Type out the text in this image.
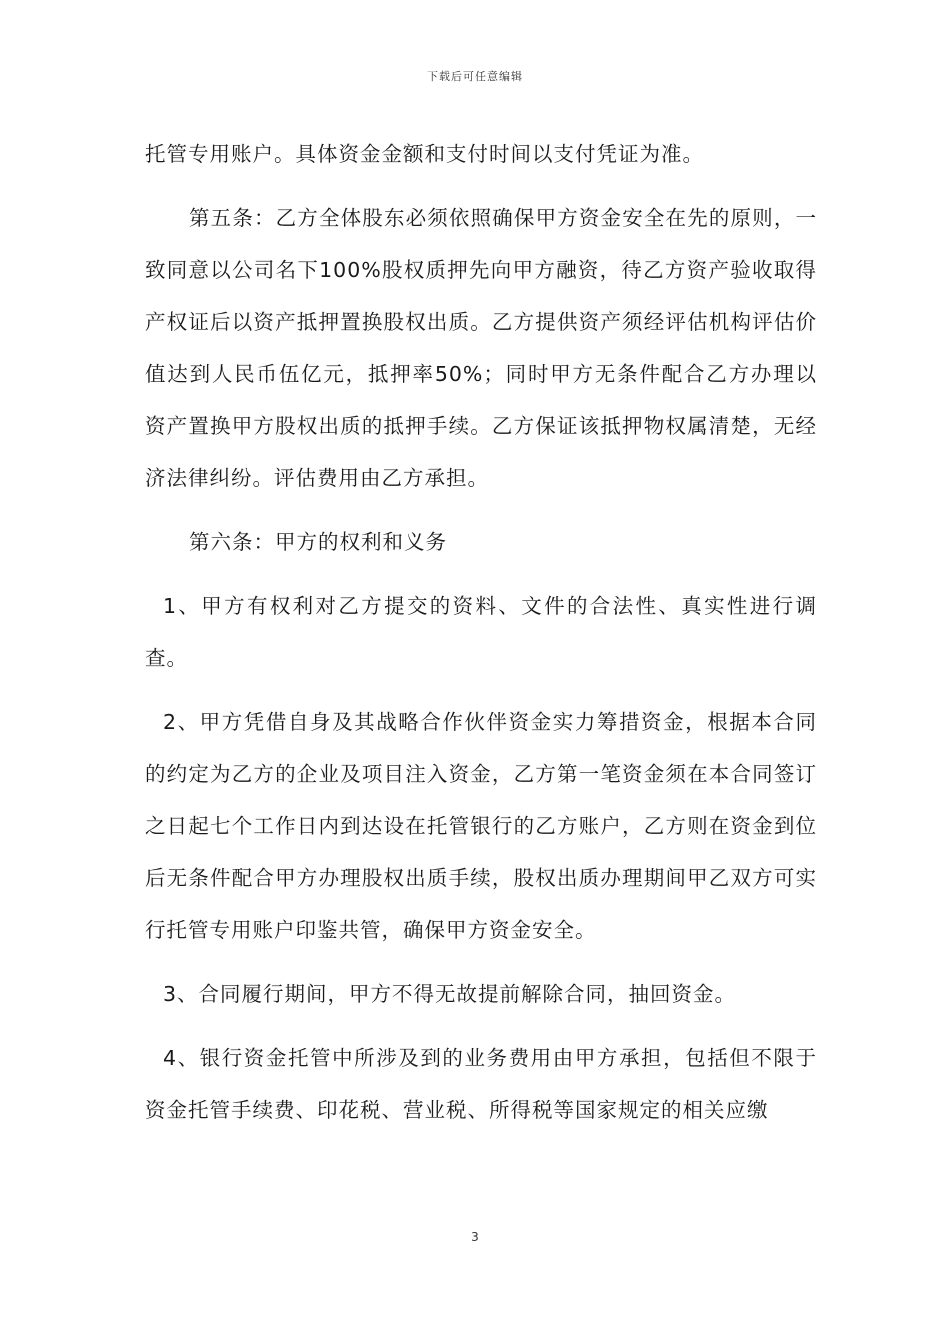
下载后可任意编辑

托管专用账户。具体资金金额和支付时间以支付凭证为准。

第五条：乙方全体股东必须依照确保甲方资金安全在先的原则，一致同意以公司名下100%股权质押先向甲方融资，待乙方资产验收取得产权证后以资产抵押置换股权出质。乙方提供资产须经评估机构评估价值达到人民币伍亿元，抵押率50%；同时甲方无条件配合乙方办理以资产置换甲方股权出质的抵押手续。乙方保证该抵押物权属清楚，无经济法律纠纷。评估费用由乙方承担。

第六条：甲方的权利和义务

1、甲方有权利对乙方提交的资料、文件的合法性、真实性进行调查。

2、甲方凭借自身及其战略合作伙伴资金实力筹措资金，根据本合同的约定为乙方的企业及项目注入资金，乙方第一笔资金须在本合同签订之日起七个工作日内到达设在托管银行的乙方账户，乙方则在资金到位后无条件配合甲方办理股权出质手续，股权出质办理期间甲乙双方可实行托管专用账户印鉴共管，确保甲方资金安全。

3、合同履行期间，甲方不得无故提前解除合同，抽回资金。

4、银行资金托管中所涉及到的业务费用由甲方承担，包括但不限于资金托管手续费、印花税、营业税、所得税等国家规定的相关应缴

3
